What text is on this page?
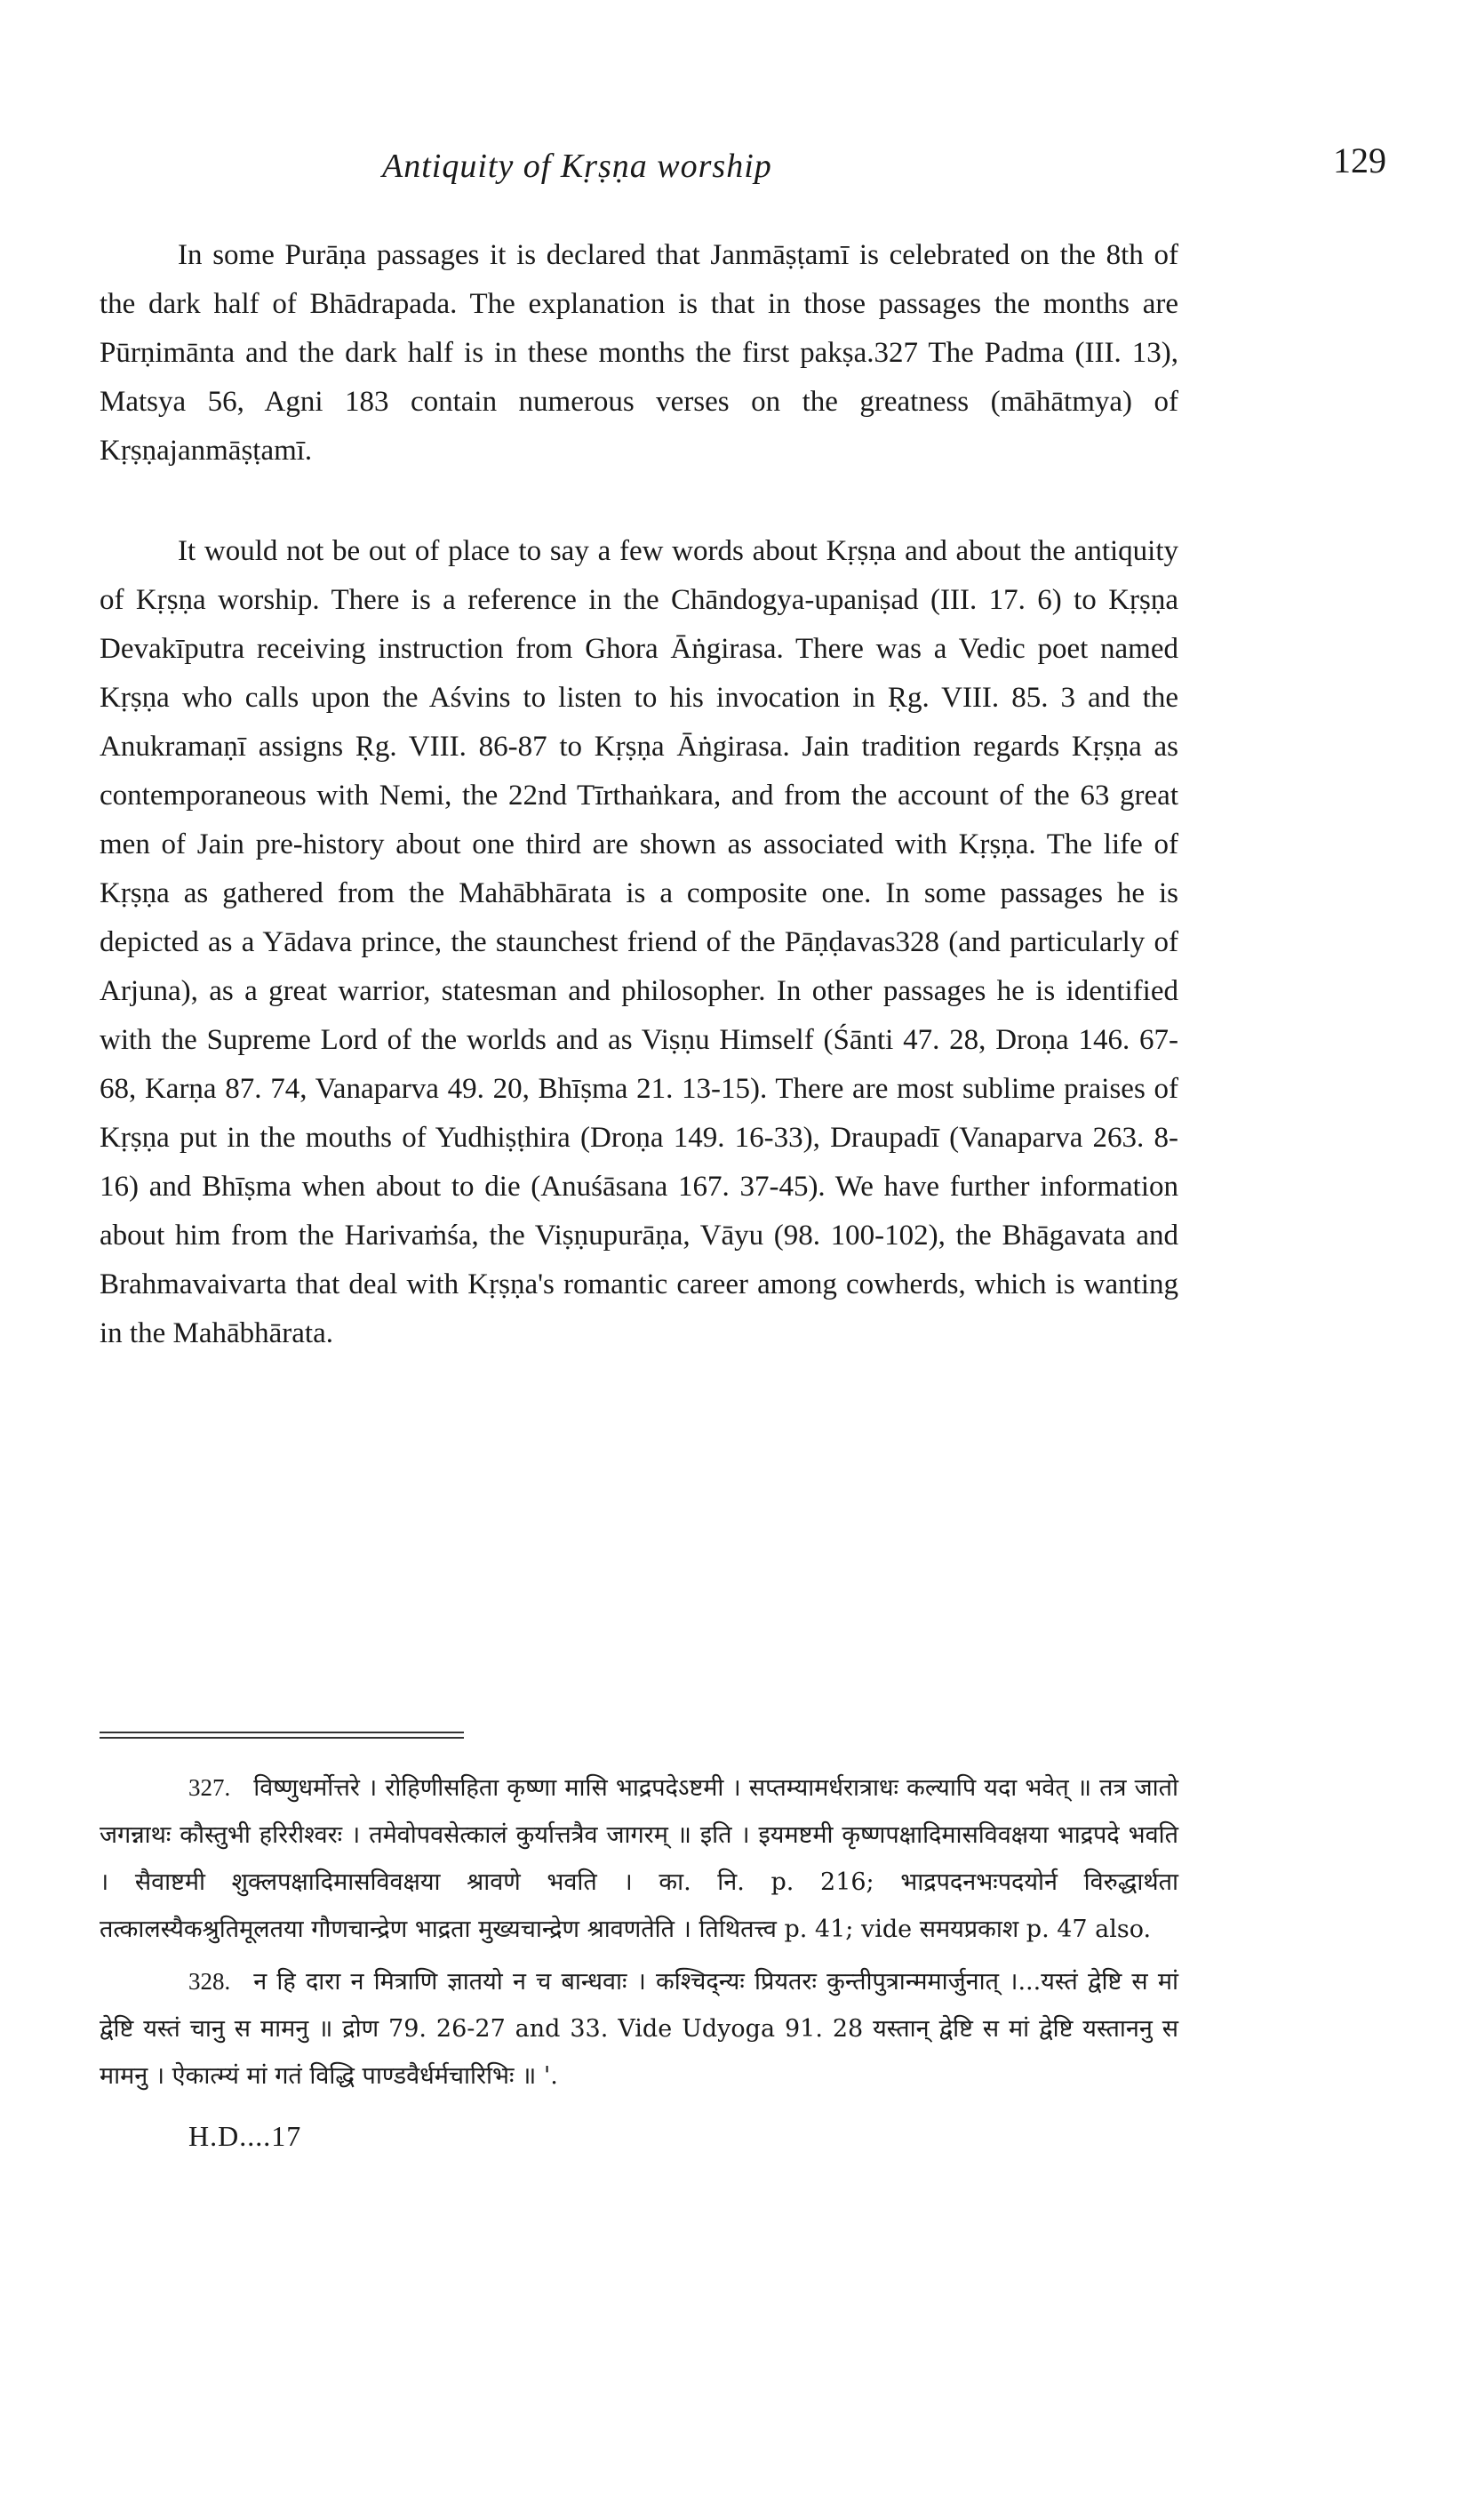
Antiquity of Kṛṣṇa worship	129

In some Purāṇa passages it is declared that Janmāṣṭamī is celebrated on the 8th of the dark half of Bhādrapada. The explanation is that in those passages the months are Pūrṇimānta and the dark half is in these months the first pakṣa.327 The Padma (III. 13), Matsya 56, Agni 183 contain numerous verses on the greatness (māhātmya) of Kṛṣṇajanmāṣṭamī.

It would not be out of place to say a few words about Kṛṣṇa and about the antiquity of Kṛṣṇa worship. There is a reference in the Chāndogya-upaniṣad (III. 17. 6) to Kṛṣṇa Devakīputra receiving instruction from Ghora Āṅgirasa. There was a Vedic poet named Kṛṣṇa who calls upon the Aśvins to listen to his invocation in Ṛg. VIII. 85. 3 and the Anukramaṇī assigns Ṛg. VIII. 86-87 to Kṛṣṇa Āṅgirasa. Jain tradition regards Kṛṣṇa as contemporaneous with Nemi, the 22nd Tīrthaṅkara, and from the account of the 63 great men of Jain pre-history about one third are shown as associated with Kṛṣṇa. The life of Kṛṣṇa as gathered from the Mahābhārata is a composite one. In some passages he is depicted as a Yādava prince, the staunchest friend of the Pāṇḍavas328 (and particularly of Arjuna), as a great warrior, statesman and philosopher. In other passages he is identified with the Supreme Lord of the worlds and as Viṣṇu Himself (Śānti 47. 28, Droṇa 146. 67-68, Karṇa 87. 74, Vanaparva 49. 20, Bhīṣma 21. 13-15). There are most sublime praises of Kṛṣṇa put in the mouths of Yudhiṣṭhira (Droṇa 149. 16-33), Draupadī (Vanaparva 263. 8-16) and Bhīṣma when about to die (Anuśāsana 167. 37-45). We have further information about him from the Harivaṁśa, the Viṣṇupurāṇa, Vāyu (98. 100-102), the Bhāgavata and Brahmavaivarta that deal with Kṛṣṇa's romantic career among cowherds, which is wanting in the Mahābhārata.

327. विष्णुधर्मोत्तरे । रोहिणीसहिता कृष्णा मासि भाद्रपदेऽष्टमी । सप्तम्यामर्धरात्राधः कल्यापि यदा भवेत् ॥ तत्र जातो जगन्नाथः कौस्तुभी हरिरीश्वरः । तमेवोपवसेत्कालं कुर्यात्तत्रैव जागरम् ॥ इति । इयमष्टमी कृष्णपक्षादिमासविवक्षया भाद्रपदे भवति । सैवाष्टमी शुक्लपक्षादिमासविवक्षया श्रावणे भवति । का. नि. p. 216; भाद्रपदनभःपदयोर्न विरुद्धार्थता तत्कालस्यैकश्रुतिमूलतया गौणचान्द्रेण भाद्रता मुख्यचान्द्रेण श्रावणतेति । तिथितत्त्व p. 41; vide समयप्रकाश p. 47 also.

328. न हि दारा न मित्राणि ज्ञातयो न च बान्धवाः । कश्चिद्न्यः प्रियतरः कुन्तीपुत्रान्ममार्जुनात् ।...यस्तं द्वेष्टि स मां द्वेष्टि यस्तं चानु स मामनु ॥ द्रोण 79. 26-27 and 33. Vide Udyoga 91. 28 यस्तान् द्वेष्टि स मां द्वेष्टि यस्ताननु स मामनु । ऐकात्म्यं मां गतं विद्धि पाण्डवैर्धर्मचारिभिः ॥ '.

H.D....17
